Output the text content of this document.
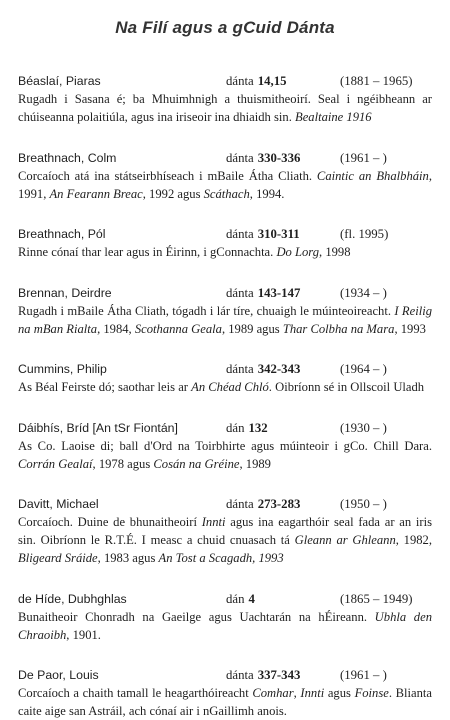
Na Filí agus a gCuid Dánta
Béaslaí, Piaras	dánta 14,15	(1881 – 1965)
Rugadh i Sasana é; ba Mhuimhnigh a thuismitheoirí. Seal i ngéibheann ar chúiseanna polaitiúla, agus ina iriseoir ina dhiaidh sin. Bealtaine 1916
Breathnach, Colm	dánta 330-336	(1961 – )
Corcaíoch atá ina státseirbhíseach i mBaile Átha Cliath. Caintic an Bhalbháin, 1991, An Fearann Breac, 1992 agus Scáthach, 1994.
Breathnach, Pól	dánta 310-311	(fl. 1995)
Rinne cónaí thar lear agus in Éirinn, i gConnachta. Do Lorg, 1998
Brennan, Deirdre	dánta 143-147	(1934 – )
Rugadh i mBaile Átha Cliath, tógadh i lár tíre, chuaigh le múinteoireacht. I Reilig na mBan Rialta, 1984, Scothanna Geala, 1989 agus Thar Colbha na Mara, 1993
Cummins, Philip	dánta 342-343	(1964 – )
As Béal Feirste dó; saothar leis ar An Chéad Chló. Oibríonn sé in Ollscoil Uladh
Dáibhís, Bríd [An tSr Fiontán]	dán 132	(1930 – )
As Co. Laoise di; ball d'Ord na Toirbhirte agus múinteoir i gCo. Chill Dara. Corrán Gealaí, 1978 agus Cosán na Gréine, 1989
Davitt, Michael	dánta 273-283	(1950 – )
Corcaíoch. Duine de bhunaitheoirí Innti agus ina eagarthóir seal fada ar an iris sin. Oibríonn le R.T.É. I measc a chuid cnuasach tá Gleann ar Ghleann, 1982, Bligeard Sráide, 1983 agus An Tost a Scagadh, 1993
de Híde, Dubhghlas	dán 4	(1865 – 1949)
Bunaitheoir Chonradh na Gaeilge agus Uachtarán na hÉireann. Ubhla den Chraoibh, 1901.
De Paor, Louis	dánta 337-343	(1961 – )
Corcaíoch a chaith tamall le heagarthóireacht Comhar, Innti agus Foinse. Blianta caite aige san Astráil, ach cónaí air i nGaillimh anois.
